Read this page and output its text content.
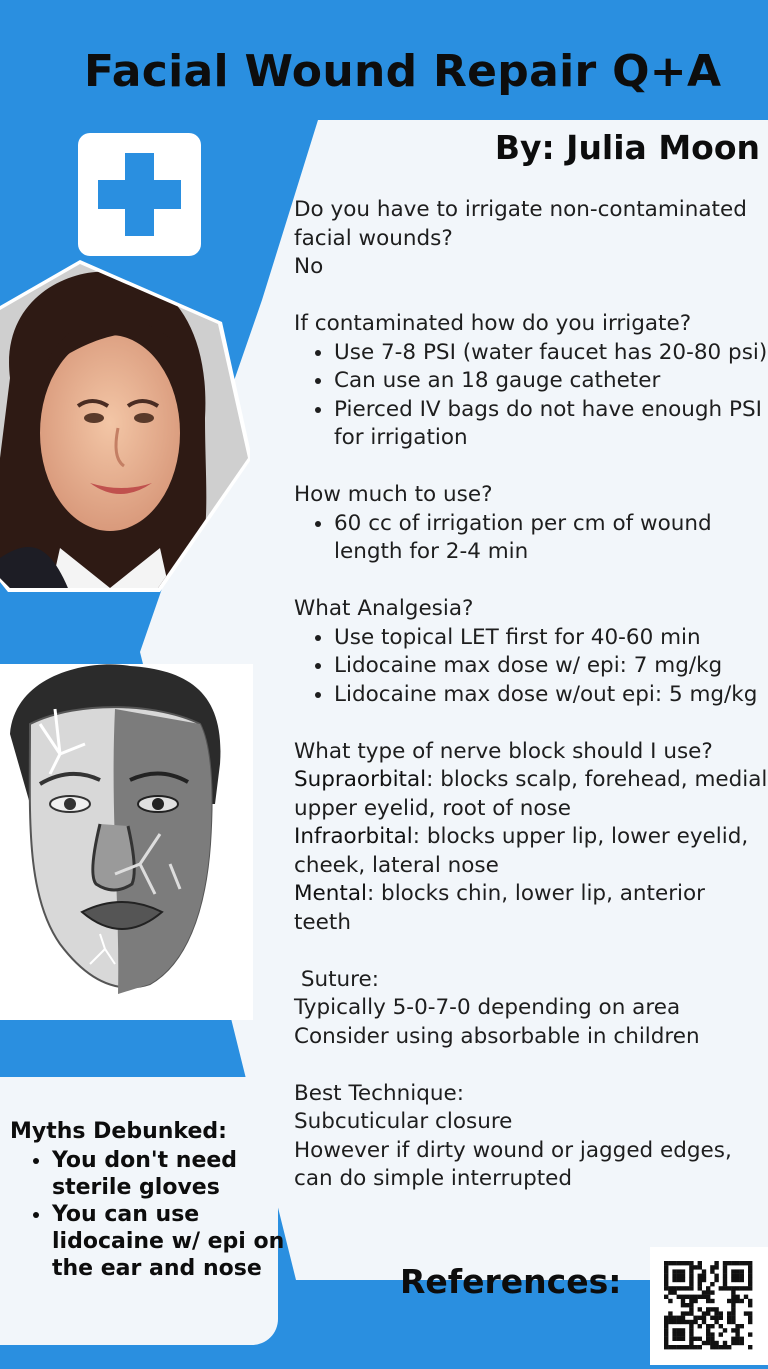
Facial Wound Repair Q+A
By: Julia Moon

Do you have to irrigate non-contaminated facial wounds?

No

If contaminated how do you irrigate?

• Use 7-8 PSI (water faucet has 20-80 psi)
• Can use an 18 gauge catheter
• Pierced IV bags do not have enough PSI for irrigation

How much to use?

• 60 cc of irrigation per cm of wound length for 2-4 min

What Analgesia?

• Use topical LET first for 40-60 min
• Lidocaine max dose w/ epi: 7 mg/kg
• Lidocaine max dose w/out epi: 5 mg/kg

What type of nerve block should I use?

Supraorbital: blocks scalp, forehead, medial upper eyelid, root of nose

Infraorbital: blocks upper lip, lower eyelid, cheek, lateral nose

Mental: blocks chin, lower lip, anterior teeth

Suture:

Typically 5-0-7-0 depending on area

Consider using absorbable in children

Best Technique:

Subcuticular closure

However if dirty wound or jagged edges, can do simple interrupted

Myths Debunked:

• You don't need sterile gloves
• You can use lidocaine w/ epi on the ear and nose	References:
